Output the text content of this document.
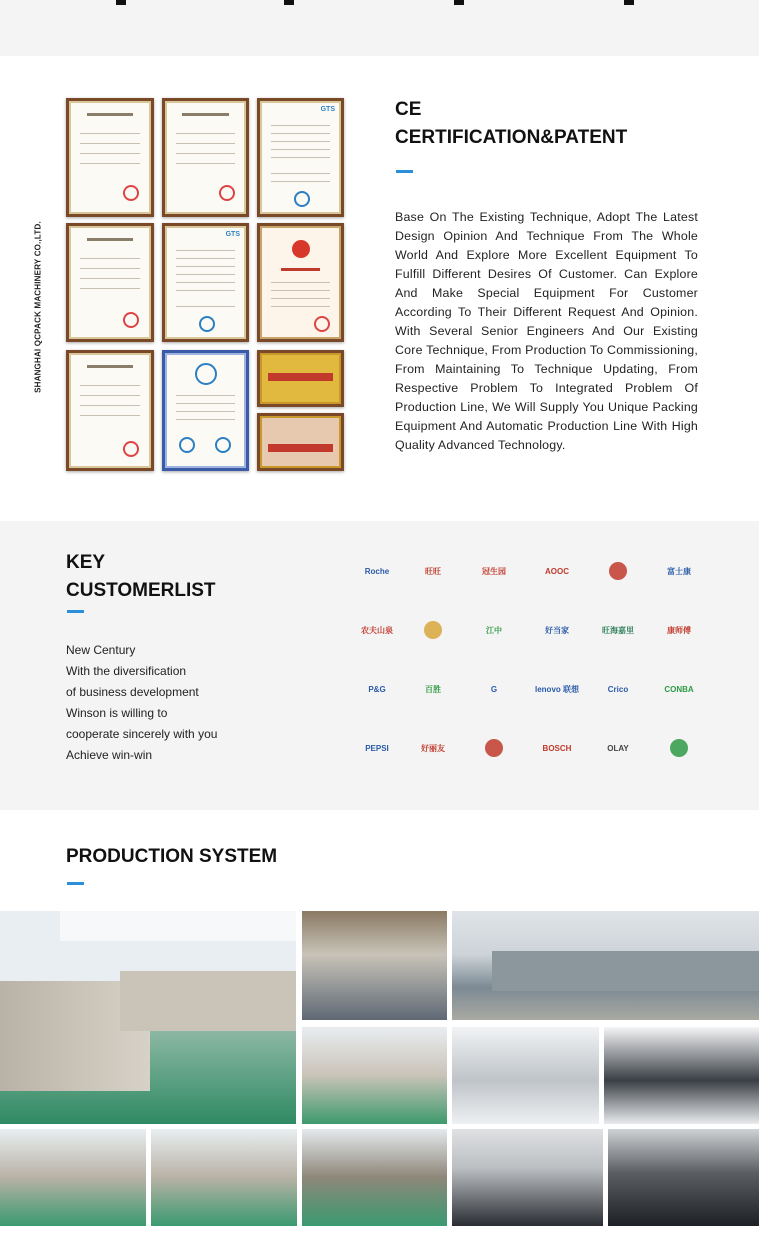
SHANGHAI QCPACK MACHINERY CO.,LTD.
GTS
GTS
CE
CERTIFICATION&PATENT

Base On The Existing Technique, Adopt The Latest Design Opinion And Technique From The Whole World And Explore More Excellent Equipment To Fulfill Different Desires Of Customer. Can Explore And Make Special Equipment For Customer According To Their Different Request And Opinion. With Several Senior Engineers And Our Existing Core Technique, From Production To Commissioning, From Maintaining To Technique Updating, From Respective Problem To Integrated Problem Of Production Line, We Will Supply You Unique Packing Equipment And Automatic Production Line With High Quality Advanced Technology.

KEY
CUSTOMERLIST
New Century
With the diversification
of business development
Winson is willing to
cooperate sincerely with you
Achieve win-win
Roche	旺旺	冠生园	AOOC	富士康
农夫山泉	江中	好当家	旺海嘉里	康师傅
P&G	百胜	G	lenovo 联想	Crico	CONBA
PEPSI	好丽友	BOSCH	OLAY
PRODUCTION SYSTEM
